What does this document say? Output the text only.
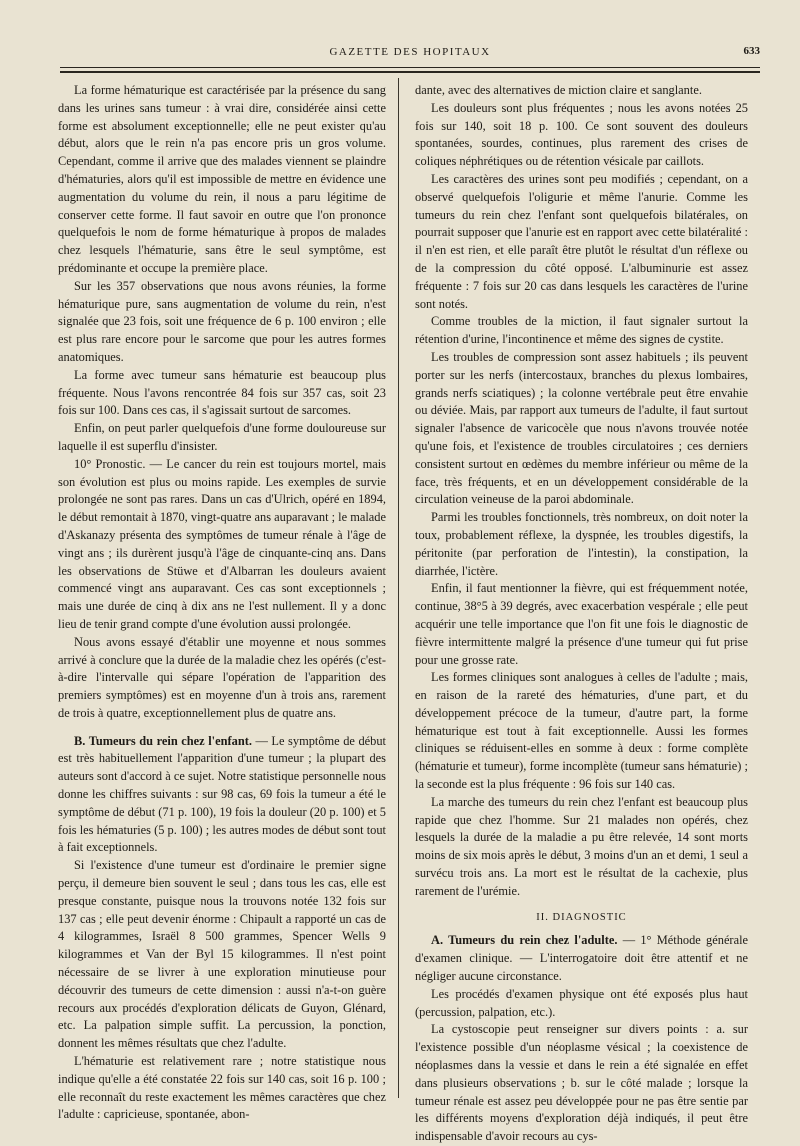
GAZETTE DES HOPITAUX	633

La forme hématurique est caractérisée par la présence du sang dans les urines sans tumeur : à vrai dire, considérée ainsi cette forme est absolument exceptionnelle; elle ne peut exister qu'au début, alors que le rein n'a pas encore pris un gros volume. Cependant, comme il arrive que des malades viennent se plaindre d'hématuries, alors qu'il est impossible de mettre en évidence une augmentation du volume du rein, il nous a paru légitime de conserver cette forme. Il faut savoir en outre que l'on prononce quelquefois le nom de forme hématurique à propos de malades chez lesquels l'hématurie, sans être le seul symptôme, est prédominante et occupe la première place.

Sur les 357 observations que nous avons réunies, la forme hématurique pure, sans augmentation de volume du rein, n'est signalée que 23 fois, soit une fréquence de 6 p. 100 environ ; elle est plus rare encore pour le sarcome que pour les autres formes anatomiques.

La forme avec tumeur sans hématurie est beaucoup plus fréquente. Nous l'avons rencontrée 84 fois sur 357 cas, soit 23 fois sur 100. Dans ces cas, il s'agissait surtout de sarcomes.

Enfin, on peut parler quelquefois d'une forme douloureuse sur laquelle il est superflu d'insister.

10° Pronostic. — Le cancer du rein est toujours mortel, mais son évolution est plus ou moins rapide. Les exemples de survie prolongée ne sont pas rares. Dans un cas d'Ulrich, opéré en 1894, le début remontait à 1870, vingt-quatre ans auparavant ; le malade d'Askanazy présenta des symptômes de tumeur rénale à l'âge de vingt ans ; ils durèrent jusqu'à l'âge de cinquante-cinq ans. Dans les observations de Stüwe et d'Albarran les douleurs avaient commencé vingt ans auparavant. Ces cas sont exceptionnels ; mais une durée de cinq à dix ans ne l'est nullement. Il y a donc lieu de tenir grand compte d'une évolution aussi prolongée.

Nous avons essayé d'établir une moyenne et nous sommes arrivé à conclure que la durée de la maladie chez les opérés (c'est-à-dire l'intervalle qui sépare l'opération de l'apparition des premiers symptômes) est en moyenne d'un à trois ans, rarement de trois à quatre, exceptionnellement plus de quatre ans.

B. Tumeurs du rein chez l'enfant. — Le symptôme de début est très habituellement l'apparition d'une tumeur ; la plupart des auteurs sont d'accord à ce sujet. Notre statistique personnelle nous donne les chiffres suivants : sur 98 cas, 69 fois la tumeur a été le symptôme de début (71 p. 100), 19 fois la douleur (20 p. 100) et 5 fois les hématuries (5 p. 100) ; les autres modes de début sont tout à fait exceptionnels.

Si l'existence d'une tumeur est d'ordinaire le premier signe perçu, il demeure bien souvent le seul ; dans tous les cas, elle est presque constante, puisque nous la trouvons notée 132 fois sur 137 cas ; elle peut devenir énorme : Chipault a rapporté un cas de 4 kilogrammes, Israël 8 500 grammes, Spencer Wells 9 kilogrammes et Van der Byl 15 kilogrammes. Il n'est point nécessaire de se livrer à une exploration minutieuse pour découvrir des tumeurs de cette dimension : aussi n'a-t-on guère recours aux procédés d'exploration délicats de Guyon, Glénard, etc. La palpation simple suffit. La percussion, la ponction, donnent les mêmes résultats que chez l'adulte.

L'hématurie est relativement rare ; notre statistique nous indique qu'elle a été constatée 22 fois sur 140 cas, soit 16 p. 100 ; elle reconnaît du reste exactement les mêmes caractères que chez l'adulte : capricieuse, spontanée, abon-

dante, avec des alternatives de miction claire et sanglante.

Les douleurs sont plus fréquentes ; nous les avons notées 25 fois sur 140, soit 18 p. 100. Ce sont souvent des douleurs spontanées, sourdes, continues, plus rarement des crises de coliques néphrétiques ou de rétention vésicale par caillots.

Les caractères des urines sont peu modifiés ; cependant, on a observé quelquefois l'oligurie et même l'anurie. Comme les tumeurs du rein chez l'enfant sont quelquefois bilatérales, on pourrait supposer que l'anurie est en rapport avec cette bilatéralité : il n'en est rien, et elle paraît être plutôt le résultat d'un réflexe ou de la compression du côté opposé. L'albuminurie est assez fréquente : 7 fois sur 20 cas dans lesquels les caractères de l'urine sont notés.

Comme troubles de la miction, il faut signaler surtout la rétention d'urine, l'incontinence et même des signes de cystite.

Les troubles de compression sont assez habituels ; ils peuvent porter sur les nerfs (intercostaux, branches du plexus lombaires, grands nerfs sciatiques) ; la colonne vertébrale peut être envahie ou déviée. Mais, par rapport aux tumeurs de l'adulte, il faut surtout signaler l'absence de varicocèle que nous n'avons trouvée notée qu'une fois, et l'existence de troubles circulatoires ; ces derniers consistent surtout en œdèmes du membre inférieur ou même de la face, très fréquents, et en un développement considérable de la circulation veineuse de la paroi abdominale.

Parmi les troubles fonctionnels, très nombreux, on doit noter la toux, probablement réflexe, la dyspnée, les troubles digestifs, la péritonite (par perforation de l'intestin), la constipation, la diarrhée, l'ictère.

Enfin, il faut mentionner la fièvre, qui est fréquemment notée, continue, 38°5 à 39 degrés, avec exacerbation vespérale ; elle peut acquérir une telle importance que l'on fit une fois le diagnostic de fièvre intermittente malgré la présence d'une tumeur qui fut prise pour une grosse rate.

Les formes cliniques sont analogues à celles de l'adulte ; mais, en raison de la rareté des hématuries, d'une part, et du développement précoce de la tumeur, d'autre part, la forme hématurique est tout à fait exceptionnelle. Aussi les formes cliniques se réduisent-elles en somme à deux : forme complète (hématurie et tumeur), forme incomplète (tumeur sans hématurie) ; la seconde est la plus fréquente : 96 fois sur 140 cas.

La marche des tumeurs du rein chez l'enfant est beaucoup plus rapide que chez l'homme. Sur 21 malades non opérés, chez lesquels la durée de la maladie a pu être relevée, 14 sont morts moins de six mois après le début, 3 moins d'un an et demi, 1 seul a survécu trois ans. La mort est le résultat de la cachexie, plus rarement de l'urémie.

II. DIAGNOSTIC

A. Tumeurs du rein chez l'adulte. — 1° Méthode générale d'examen clinique. — L'interrogatoire doit être attentif et ne négliger aucune circonstance.

Les procédés d'examen physique ont été exposés plus haut (percussion, palpation, etc.).

La cystoscopie peut renseigner sur divers points : a. sur l'existence possible d'un néoplasme vésical ; la coexistence de néoplasmes dans la vessie et dans le rein a été signalée en effet dans plusieurs observations ; b. sur le côté malade ; lorsque la tumeur rénale est assez peu développée pour ne pas être sentie par les différents moyens d'exploration déjà indiqués, il peut être indispensable d'avoir recours au cys-
